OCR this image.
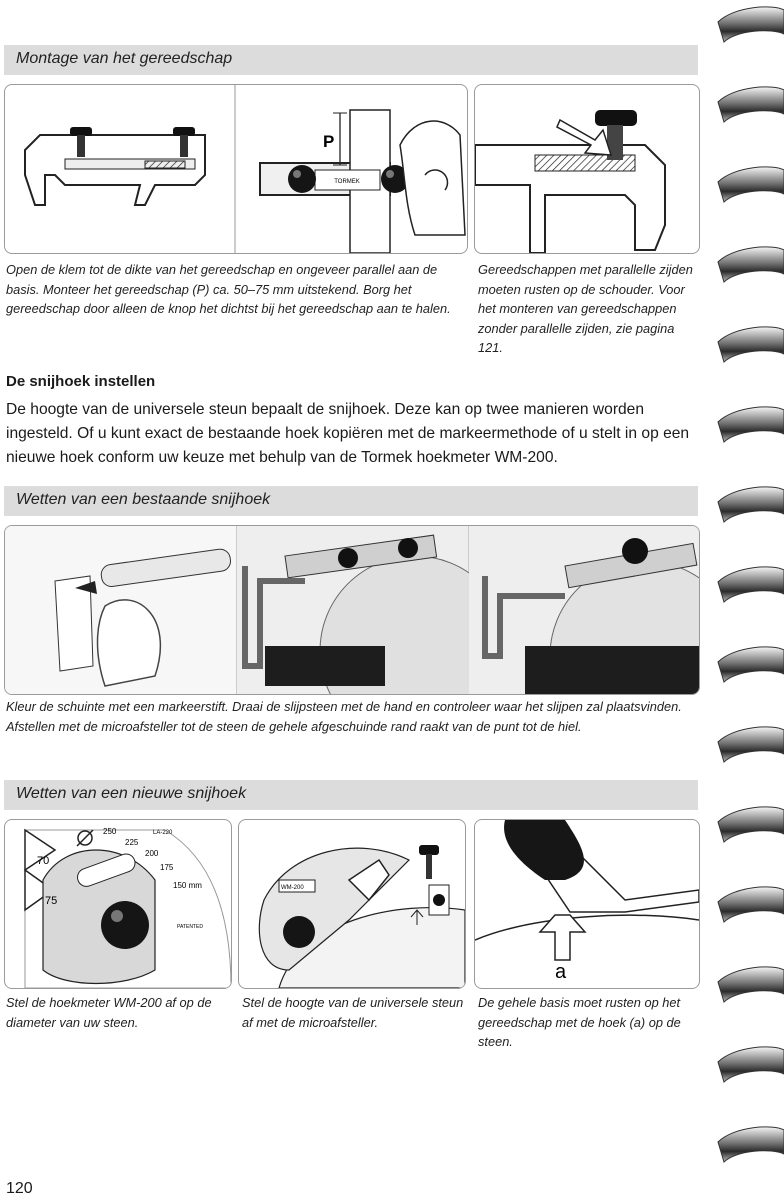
Montage van het gereedschap
TORMEK
P
Open de klem tot de dikte van het gereedschap en ongeveer parallel aan de basis. Monteer het gereedschap (P) ca. 50–75 mm uitstekend. Borg het gereedschap door alleen de knop het dichtst bij het gereedschap aan te halen.
Gereedschappen met parallelle zijden moeten rusten op de schouder. Voor het monteren van gereedschappen zonder parallelle zijden, zie pagina 121.
De snijhoek instellen
De hoogte van de universele steun bepaalt de snijhoek. Deze kan op twee manieren worden ingesteld. Of u kunt exact de bestaande hoek kopiëren met de markeermethode of u stelt in op een nieuwe hoek conform uw keuze met behulp van de Tormek hoekmeter WM-200.
Wetten van een bestaande snijhoek
Kleur de schuinte met een markeerstift. Draai de slijpsteen met de hand en controleer waar het slijpen zal plaatsvinden. Afstellen met de microafsteller tot de steen de gehele afgeschuinde rand raakt van de punt tot de hiel.
Wetten van een nieuwe snijhoek
70
75
250
225
200
175
150 mm
LA-220
PATENTED
WM-200
a
Stel de hoekmeter WM-200 af op de diameter van uw steen.
Stel de hoogte van de universele steun af met de microafsteller.
De gehele basis moet rusten op het gereedschap met de hoek (a) op de steen.
120
